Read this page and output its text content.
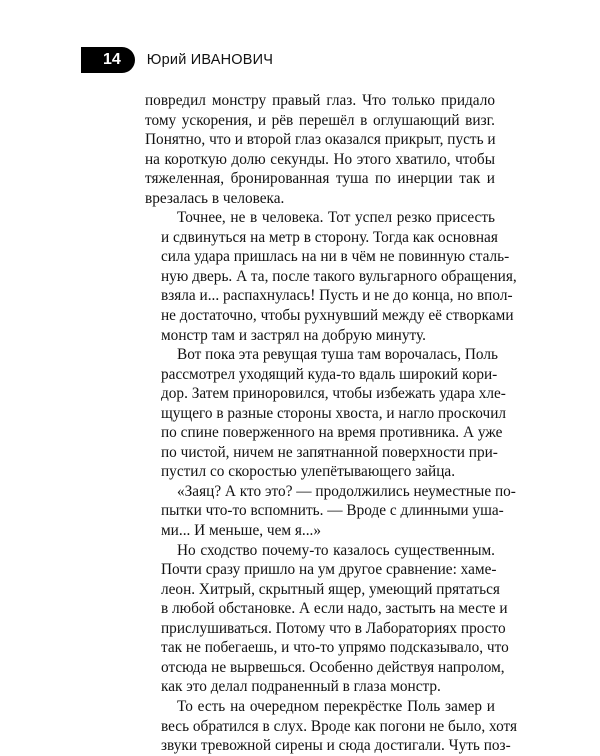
14 Юрий ИВАНОВИЧ

повредил монстру правый глаз. Что только придало
тому ускорения, и рёв перешёл в оглушающий визг.
Понятно, что и второй глаз оказался прикрыт, пусть и
на короткую долю секунды. Но этого хватило, чтобы
тяжеленная, бронированная туша по инерции так и
врезалась в человека.

Точнее, не в человека. Тот успел резко присесть
и сдвинуться на метр в сторону. Тогда как основная
сила удара пришлась на ни в чём не повинную сталь-
ную дверь. А та, после такого вульгарного обращения,
взяла и... распахнулась! Пусть и не до конца, но впол-
не достаточно, чтобы рухнувший между её створками
монстр там и застрял на добрую минуту.

Вот пока эта ревущая туша там ворочалась, Поль
рассмотрел уходящий куда-то вдаль широкий кори-
дор. Затем приноровился, чтобы избежать удара хле-
щущего в разные стороны хвоста, и нагло проскочил
по спине поверженного на время противника. А уже
по чистой, ничем не запятнанной поверхности при-
пустил со скоростью улепётывающего зайца.

«Заяц? А кто это? — продолжились неуместные по-
пытки что-то вспомнить. — Вроде с длинными уша-
ми... И меньше, чем я...»

Но сходство почему-то казалось существенным.
Почти сразу пришло на ум другое сравнение: хаме-
леон. Хитрый, скрытный ящер, умеющий прятаться
в любой обстановке. А если надо, застыть на месте и
прислушиваться. Потому что в Лабораториях просто
так не побегаешь, и что-то упрямо подсказывало, что
отсюда не вырвешься. Особенно действуя напролом,
как это делал подраненный в глаза монстр.

То есть на очередном перекрёстке Поль замер и
весь обратился в слух. Вроде как погони не было, хотя
звуки тревожной сирены и сюда достигали. Чуть поз-
